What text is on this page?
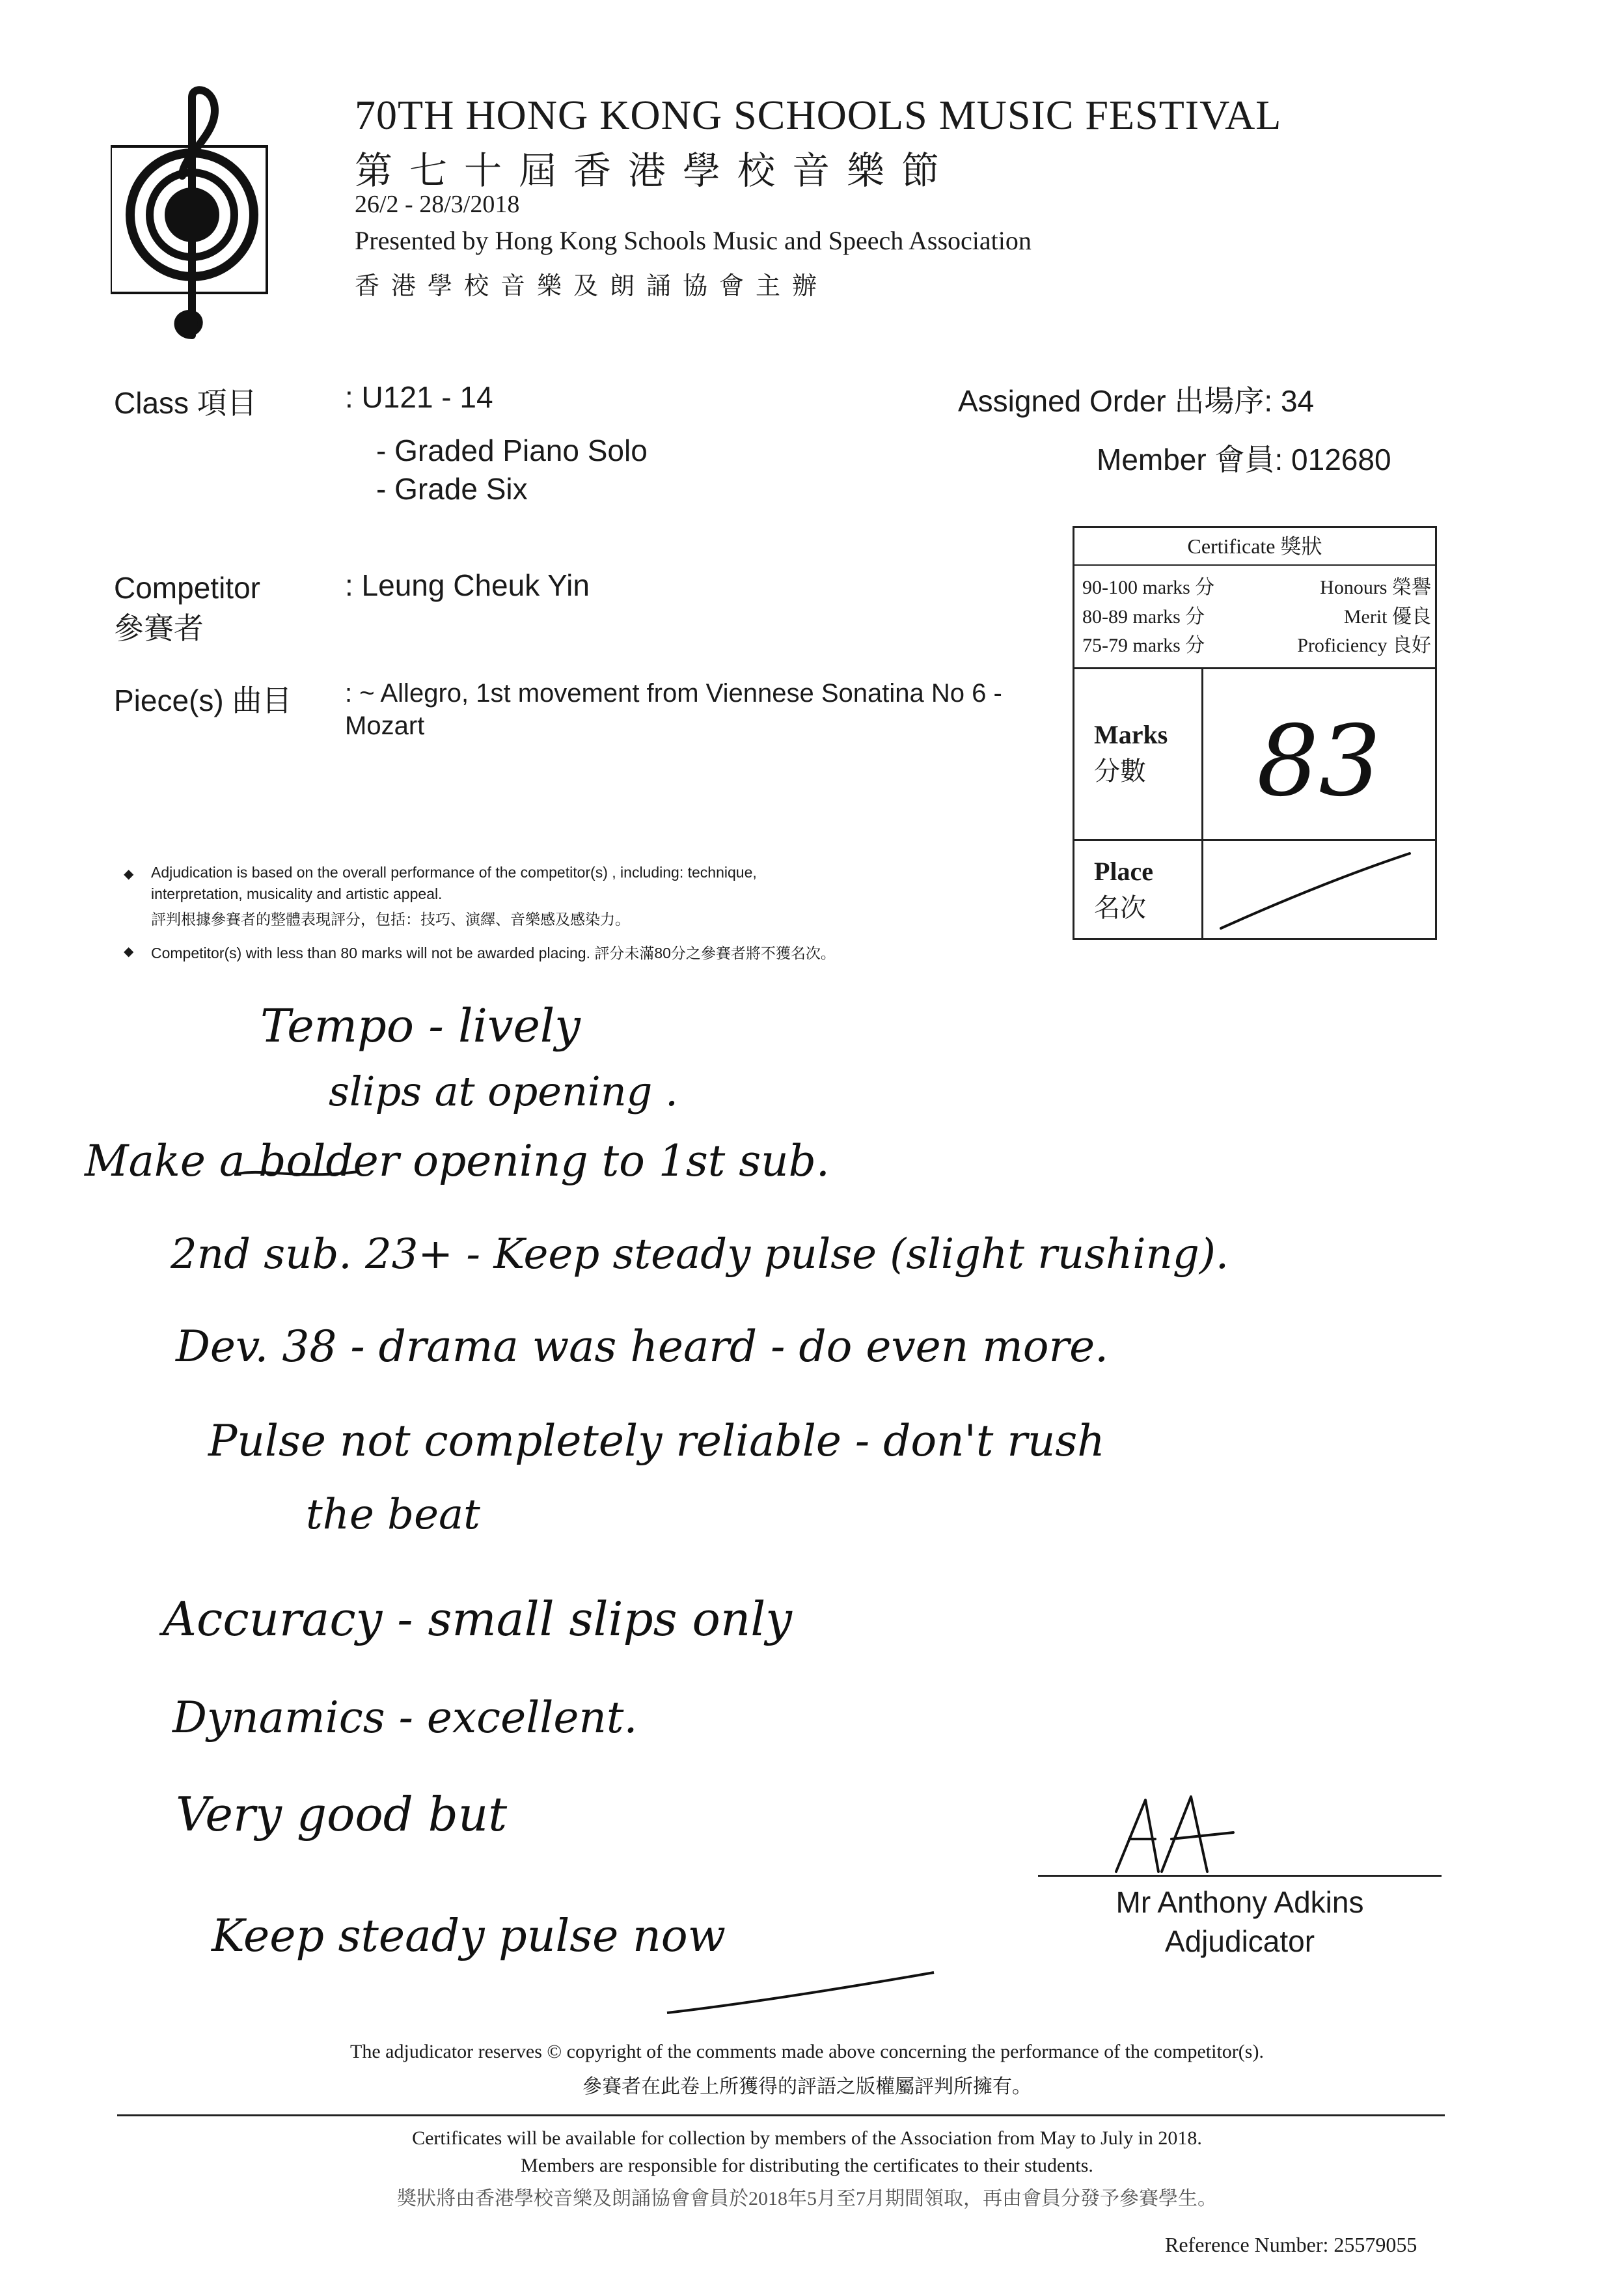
70TH HONG KONG SCHOOLS MUSIC FESTIVAL
第七十屆香港學校音樂節
26/2 - 28/3/2018
Presented by Hong Kong Schools Music and Speech Association
香港學校音樂及朗誦協會主辦
Class 項目	: U121 - 14
- Graded Piano Solo
- Grade Six
Assigned Order 出場序: 34
Member 會員: 012680
Competitor
參賽者
: Leung Cheuk Yin
Piece(s) 曲目 : ~ Allegro, 1st movement from Viennese Sonatina No 6 - Mozart
Certificate 獎狀
90-100 marks 分	Honours 榮譽
80-89 marks 分	Merit 優良
75-79 marks 分	Proficiency 良好
Marks
分數 83
Place
名次
◆ Adjudication is based on the overall performance of the competitor(s) , including: technique,
interpretation, musicality and artistic appeal.
評判根據參賽者的整體表現評分，包括：技巧、演繹、音樂感及感染力。
◆ Competitor(s) with less than 80 marks will not be awarded placing. 評分未滿80分之參賽者將不獲名次。
Tempo - lively
slips at opening .
Make a bolder opening to 1st sub.
2nd sub. 23+ - Keep steady pulse (slight rushing).
Dev. 38 - drama was heard - do even more.
Pulse not completely reliable - don't rush
the beat
Accuracy - small slips only
Dynamics - excellent.
Very good but
Keep steady pulse now
Mr Anthony Adkins
Adjudicator
The adjudicator reserves © copyright of the comments made above concerning the performance of the competitor(s).
參賽者在此卷上所獲得的評語之版權屬評判所擁有。
Certificates will be available for collection by members of the Association from May to July in 2018.
Members are responsible for distributing the certificates to their students.
獎狀將由香港學校音樂及朗誦協會會員於2018年5月至7月期間領取，再由會員分發予參賽學生。
Reference Number: 25579055
